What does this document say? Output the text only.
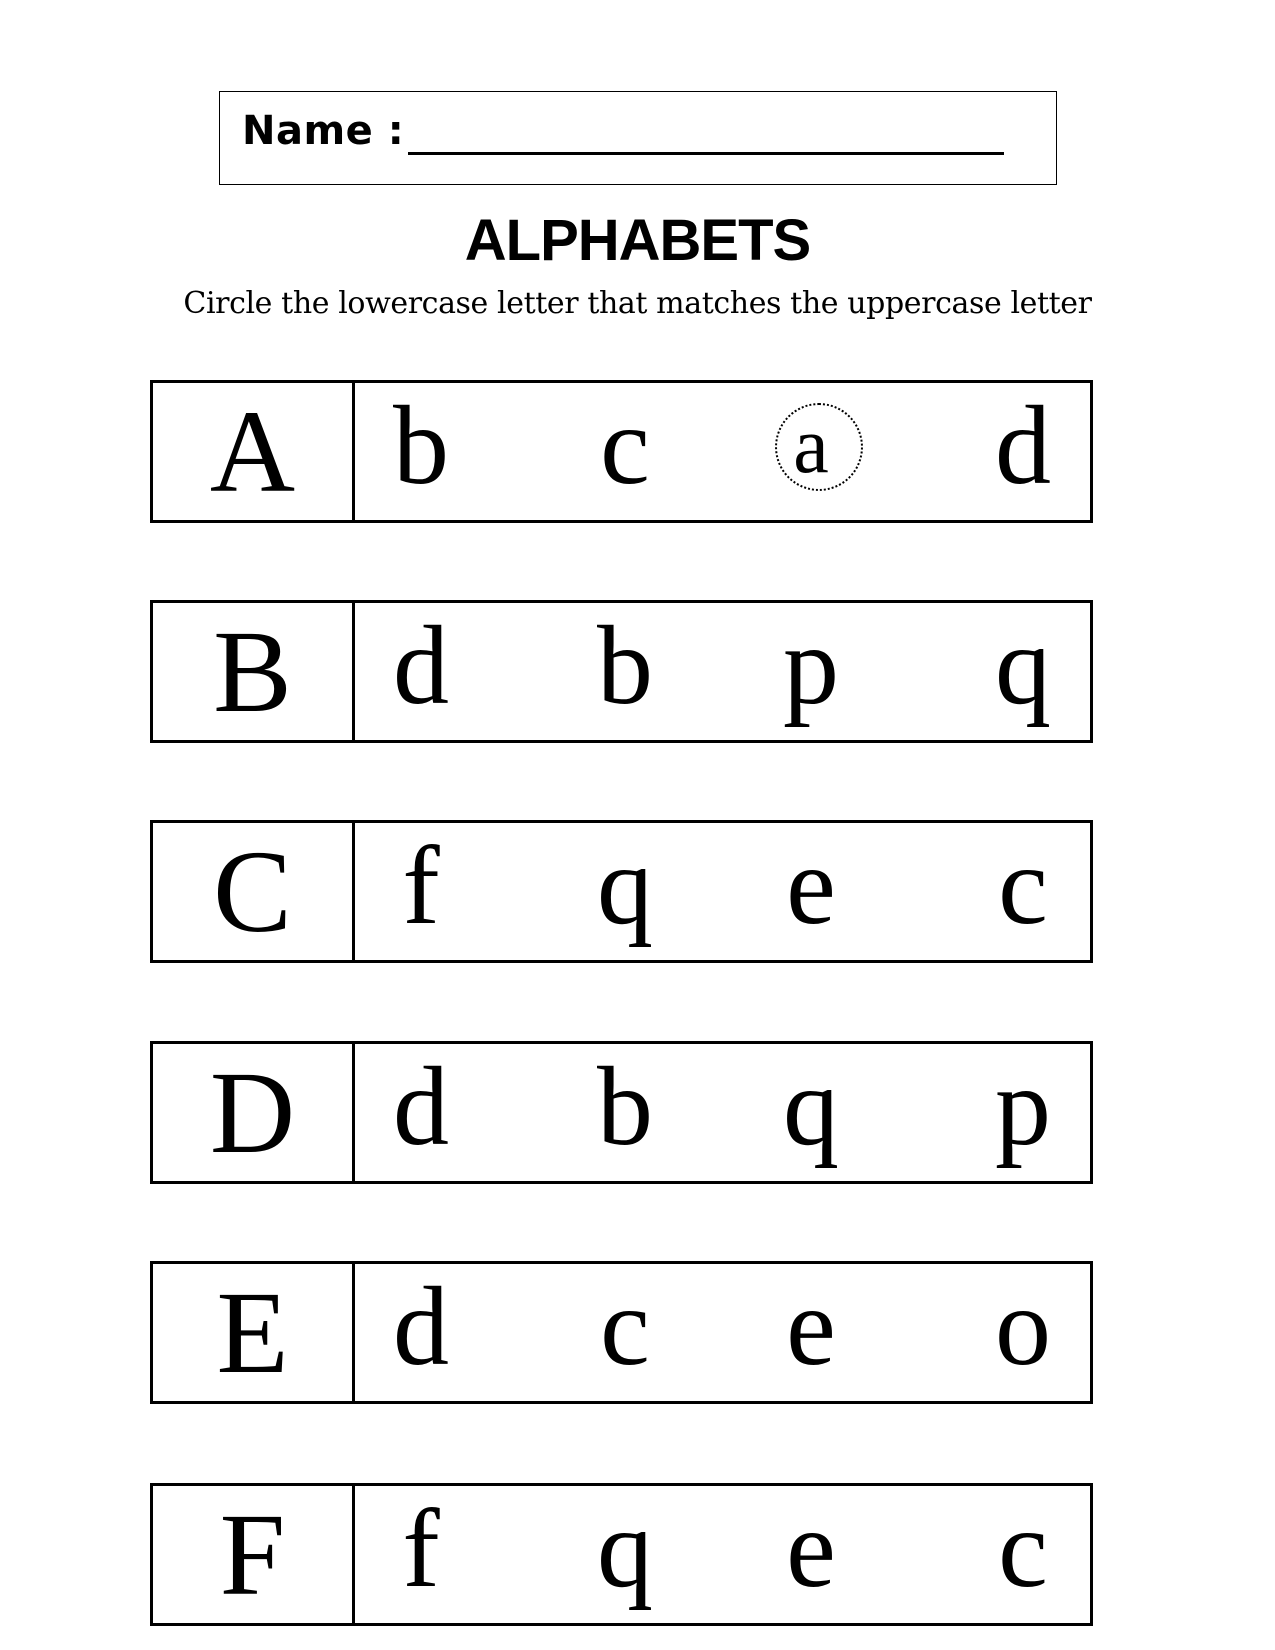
Name :
ALPHABETS
Circle the lowercase letter that matches the uppercase letter
A b c a d
B d b p q
C f q e c
D d b q p
E d c e o
F	f q e c
